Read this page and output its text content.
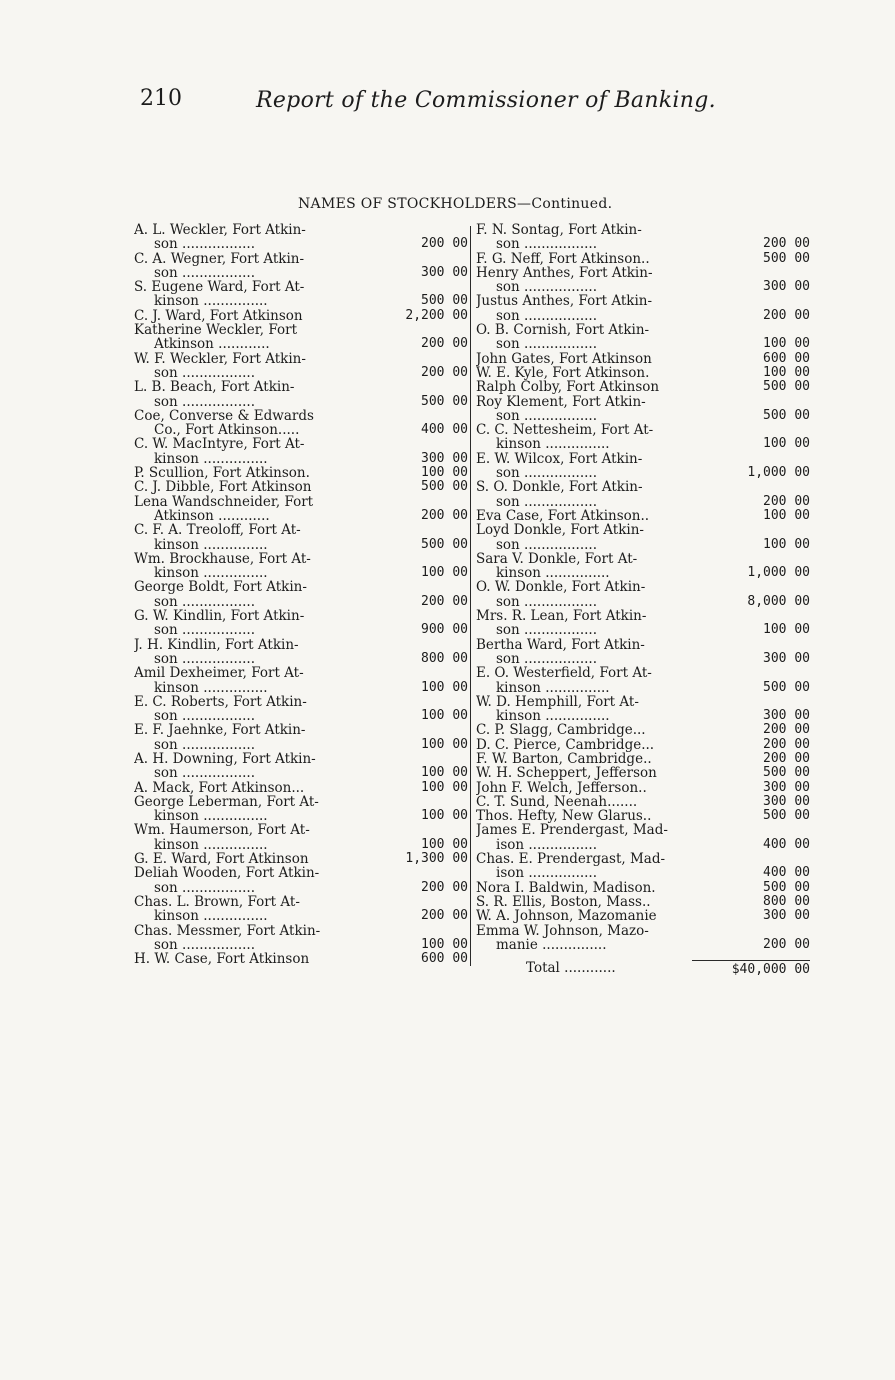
210	Report of the Commissioner of Banking.
NAMES OF STOCKHOLDERS—Continued.
A. L. Weckler, Fort Atkin-
son .................	200 00
C. A. Wegner, Fort Atkin-
son .................	300 00
S. Eugene Ward, Fort At-
kinson ...............	500 00
C. J. Ward, Fort Atkinson	2,200 00
Katherine Weckler, Fort
Atkinson ............	200 00
W. F. Weckler, Fort Atkin-
son .................	200 00
L. B. Beach, Fort Atkin-
son .................	500 00
Coe, Converse & Edwards
Co., Fort Atkinson.....	400 00
C. W. MacIntyre, Fort At-
kinson ...............	300 00
P. Scullion, Fort Atkinson.	100 00
C. J. Dibble, Fort Atkinson	500 00
Lena Wandschneider, Fort
Atkinson ............	200 00
C. F. A. Treoloff, Fort At-
kinson ...............	500 00
Wm. Brockhause, Fort At-
kinson ...............	100 00
George Boldt, Fort Atkin-
son .................	200 00
G. W. Kindlin, Fort Atkin-
son .................	900 00
J. H. Kindlin, Fort Atkin-
son .................	800 00
Amil Dexheimer, Fort At-
kinson ...............	100 00
E. C. Roberts, Fort Atkin-
son .................	100 00
E. F. Jaehnke, Fort Atkin-
son .................	100 00
A. H. Downing, Fort Atkin-
son .................	100 00
A. Mack, Fort Atkinson...	100 00
George Leberman, Fort At-
kinson ...............	100 00
Wm. Haumerson, Fort At-
kinson ...............	100 00
G. E. Ward, Fort Atkinson	1,300 00
Deliah Wooden, Fort Atkin-
son .................	200 00
Chas. L. Brown, Fort At-
kinson ...............	200 00
Chas. Messmer, Fort Atkin-
son .................	100 00
H. W. Case, Fort Atkinson	600 00
F. N. Sontag, Fort Atkin-
son .................	200 00
F. G. Neff, Fort Atkinson..	500 00
Henry Anthes, Fort Atkin-
son .................	300 00
Justus Anthes, Fort Atkin-
son .................	200 00
O. B. Cornish, Fort Atkin-
son .................	100 00
John Gates, Fort Atkinson	600 00
W. E. Kyle, Fort Atkinson.	100 00
Ralph Colby, Fort Atkinson	500 00
Roy Klement, Fort Atkin-
son .................	500 00
C. C. Nettesheim, Fort At-
kinson ...............	100 00
E. W. Wilcox, Fort Atkin-
son .................	1,000 00
S. O. Donkle, Fort Atkin-
son .................	200 00
Eva Case, Fort Atkinson..	100 00
Loyd Donkle, Fort Atkin-
son .................	100 00
Sara V. Donkle, Fort At-
kinson ...............	1,000 00
O. W. Donkle, Fort Atkin-
son .................	8,000 00
Mrs. R. Lean, Fort Atkin-
son .................	100 00
Bertha Ward, Fort Atkin-
son .................	300 00
E. O. Westerfield, Fort At-
kinson ...............	500 00
W. D. Hemphill, Fort At-
kinson ...............	300 00
C. P. Slagg, Cambridge...	200 00
D. C. Pierce, Cambridge...	200 00
F. W. Barton, Cambridge..	200 00
W. H. Scheppert, Jefferson	500 00
John F. Welch, Jefferson..	300 00
C. T. Sund, Neenah.......	300 00
Thos. Hefty, New Glarus..	500 00
James E. Prendergast, Mad-
ison ................	400 00
Chas. E. Prendergast, Mad-
ison ................	400 00
Nora I. Baldwin, Madison.	500 00
S. R. Ellis, Boston, Mass..	800 00
W. A. Johnson, Mazomanie	300 00
Emma W. Johnson, Mazo-
manie ...............	200 00
Total ............	$40,000 00
